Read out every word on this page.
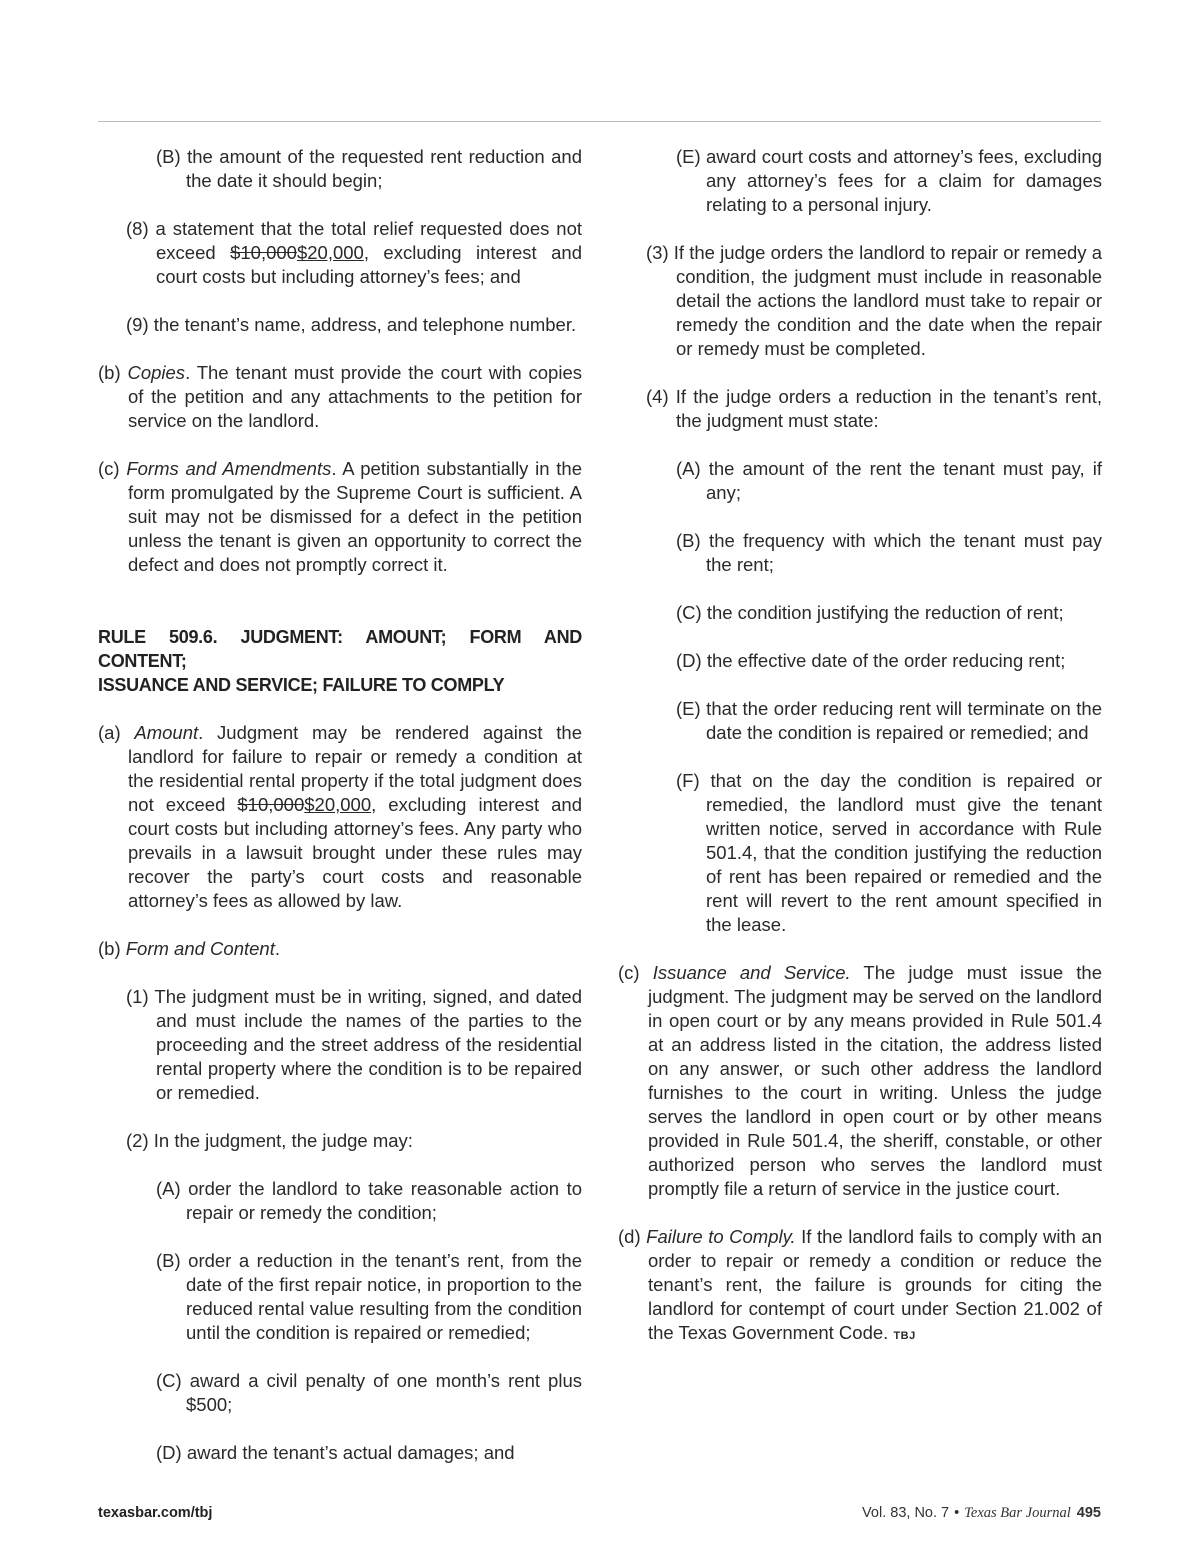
(B) the amount of the requested rent reduction and the date it should begin;

(8) a statement that the total relief requested does not exceed $10,000$20,000, excluding interest and court costs but including attorney’s fees; and

(9) the tenant’s name, address, and telephone number.

(b) Copies. The tenant must provide the court with copies of the petition and any attachments to the petition for service on the landlord.

(c) Forms and Amendments. A petition substantially in the form promulgated by the Supreme Court is sufficient. A suit may not be dismissed for a defect in the petition unless the tenant is given an opportunity to correct the defect and does not promptly correct it.

RULE 509.6. JUDGMENT: AMOUNT; FORM AND CONTENT;
ISSUANCE AND SERVICE; FAILURE TO COMPLY

(a) Amount. Judgment may be rendered against the landlord for failure to repair or remedy a condition at the residential rental property if the total judgment does not exceed $10,000$20,000, excluding interest and court costs but including attorney’s fees. Any party who prevails in a lawsuit brought under these rules may recover the party’s court costs and reasonable attorney’s fees as allowed by law.

(b) Form and Content.

(1) The judgment must be in writing, signed, and dated and must include the names of the parties to the proceeding and the street address of the residential rental property where the condition is to be repaired or remedied.

(2) In the judgment, the judge may:

(A) order the landlord to take reasonable action to repair or remedy the condition;

(B) order a reduction in the tenant’s rent, from the date of the first repair notice, in proportion to the reduced rental value resulting from the condition until the condition is repaired or remedied;

(C) award a civil penalty of one month’s rent plus $500;

(D) award the tenant’s actual damages; and

(E) award court costs and attorney’s fees, excluding any attorney’s fees for a claim for damages relating to a personal injury.

(3) If the judge orders the landlord to repair or remedy a condition, the judgment must include in reasonable detail the actions the landlord must take to repair or remedy the condition and the date when the repair or remedy must be completed.

(4) If the judge orders a reduction in the tenant’s rent, the judgment must state:

(A) the amount of the rent the tenant must pay, if any;

(B) the frequency with which the tenant must pay the rent;

(C) the condition justifying the reduction of rent;

(D) the effective date of the order reducing rent;

(E) that the order reducing rent will terminate on the date the condition is repaired or remedied; and

(F) that on the day the condition is repaired or remedied, the landlord must give the tenant written notice, served in accordance with Rule 501.4, that the condition justifying the reduction of rent has been repaired or remedied and the rent will revert to the rent amount specified in the lease.

(c) Issuance and Service. The judge must issue the judgment. The judgment may be served on the landlord in open court or by any means provided in Rule 501.4 at an address listed in the citation, the address listed on any answer, or such other address the landlord furnishes to the court in writing. Unless the judge serves the landlord in open court or by other means provided in Rule 501.4, the sheriff, constable, or other authorized person who serves the landlord must promptly file a return of service in the justice court.

(d) Failure to Comply. If the landlord fails to comply with an order to repair or remedy a condition or reduce the tenant’s rent, the failure is grounds for citing the landlord for contempt of court under Section 21.002 of the Texas Government Code. TBJ

texasbar.com/tbj	Vol. 83, No. 7 • Texas Bar Journal 495
